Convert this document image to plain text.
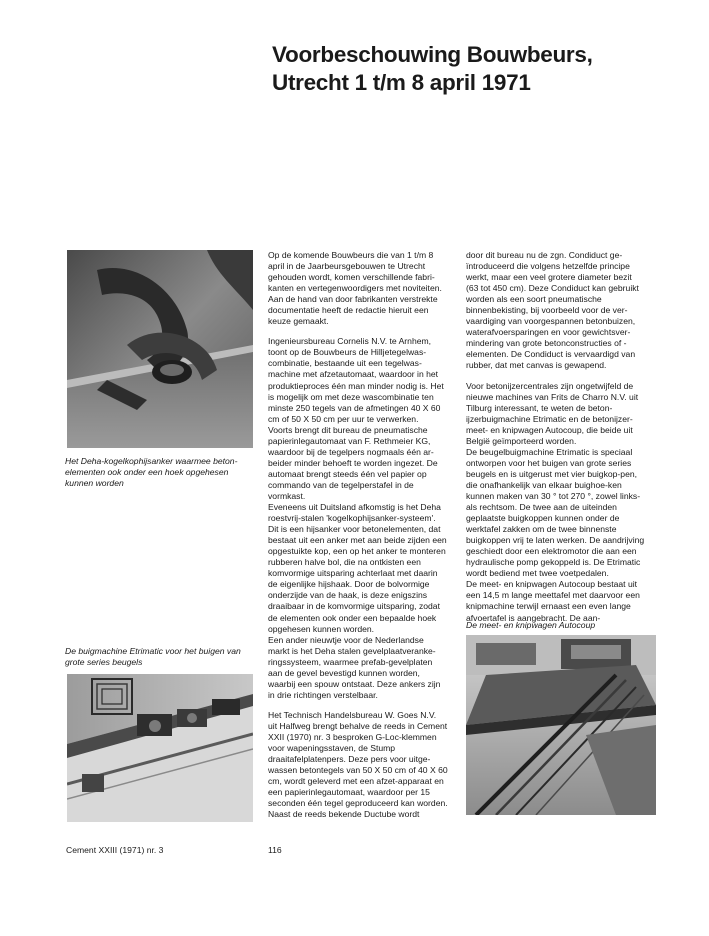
Voorbeschouwing Bouwbeurs,
Utrecht 1 t/m 8 april 1971
Het Deha-kogelkophijsanker waarmee beton-
elementen ook onder een hoek opgehesen
kunnen worden
De buigmachine Etrimatic voor het buigen van
grote series beugels
De meet- en knipwagen Autocoup

Op de komende Bouwbeurs die van 1 t/m 8
april in de Jaarbeursgebouwen te Utrecht
gehouden wordt, komen verschillende fabri-
kanten en vertegenwoordigers met noviteiten.
Aan de hand van door fabrikanten verstrekte
documentatie heeft de redactie hieruit een
keuze gemaakt.

Ingenieursbureau Cornelis N.V. te Arnhem,
toont op de Bouwbeurs de Hilljetegelwas-
combinatie, bestaande uit een tegelwas-
machine met afzetautomaat, waardoor in het
produktieproces één man minder nodig is. Het
is mogelijk om met deze wascombinatie ten
minste 250 tegels van de afmetingen 40 X 60
cm of 50 X 50 cm per uur te verwerken.
Voorts brengt dit bureau de pneumatische
papierinlegautomaat van F. Rethmeier KG,
waardoor bij de tegelpers nogmaals één ar-
beider minder behoeft te worden ingezet. De
automaat brengt steeds één vel papier op
commando van de tegelperstafel in de
vormkast.
Eveneens uit Duitsland afkomstig is het Deha
roestvrij-stalen 'kogelkophijsanker-systeem'.
Dit is een hijsanker voor betonelementen, dat
bestaat uit een anker met aan beide zijden een
opgestuikte kop, een op het anker te monteren
rubberen halve bol, die na ontkisten een
komvormige uitsparing achterlaat met daarin
de eigenlijke hijshaak. Door de bolvormige
onderzijde van de haak, is deze enigszins
draaibaar in de komvormige uitsparing, zodat
de elementen ook onder een bepaalde hoek
opgehesen kunnen worden.
Een ander nieuwtje voor de Nederlandse
markt is het Deha stalen gevelplaatveranke-
ringssysteem, waarmee prefab-gevelplaten
aan de gevel bevestigd kunnen worden,
waarbij een spouw ontstaat. Deze ankers zijn
in drie richtingen verstelbaar.

Het Technisch Handelsbureau W. Goes N.V.
uit Halfweg brengt behalve de reeds in Cement
XXII (1970) nr. 3 besproken G-Loc-klemmen
voor wapeningsstaven, de Stump
draaitafelplatenpers. Deze pers voor uitge-
wassen betontegels van 50 X 50 cm of 40 X 60
cm, wordt geleverd met een afzet-apparaat en
een papierinlegautomaat, waardoor per 15
seconden één tegel geproduceerd kan worden.
Naast de reeds bekende Ductube wordt

door dit bureau nu de zgn. Condiduct ge-
ïntroduceerd die volgens hetzelfde principe
werkt, maar een veel grotere diameter bezit
(63 tot 450 cm). Deze Condiduct kan gebruikt
worden als een soort pneumatische
binnenbekisting, bij voorbeeld voor de ver-
vaardiging van voorgespannen betonbuizen,
waterafvoersparingen en voor gewichtsver-
mindering van grote betonconstructies of -
elementen. De Condiduct is vervaardigd van
rubber, dat met canvas is gewapend.

Voor betonijzercentrales zijn ongetwijfeld de
nieuwe machines van Frits de Charro N.V. uit
Tilburg interessant, te weten de beton-
ijzerbuigmachine Etrimatic en de betonijzer-
meet- en knipwagen Autocoup, die beide uit
België geïmporteerd worden.
De beugelbuigmachine Etrimatic is speciaal
ontworpen voor het buigen van grote series
beugels en is uitgerust met vier buigkop-pen,
die onafhankelijk van elkaar buighoe-ken
kunnen maken van 30 ° tot 270 °, zowel links-
als rechtsom. De twee aan de uiteinden
geplaatste buigkoppen kunnen onder de
werktafel zakken om de twee binnenste
buigkoppen vrij te laten werken. De aandrijving
geschiedt door een elektromotor die aan een
hydraulische pomp gekoppeld is. De Etrimatic
wordt bediend met twee voetpedalen.
De meet- en knipwagen Autocoup bestaat uit
een 14,5 m lange meettafel met daarvoor een
knipmachine terwijl ernaast een even lange
afvoertafel is aangebracht. De aan-

Cement XXIII (1971) nr. 3	116
